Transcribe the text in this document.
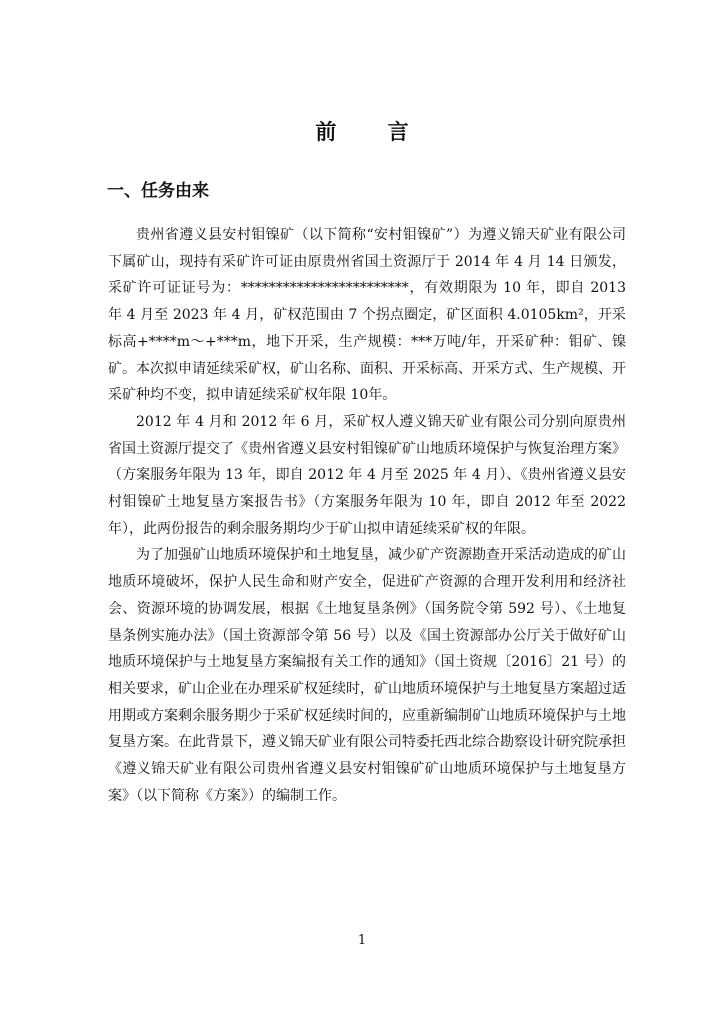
前 言
一、任务由来

贵州省遵义县安村钼镍矿（以下简称“安村钼镍矿”）为遵义锦天矿业有限公司下属矿山，现持有采矿许可证由原贵州省国土资源厅于 2014 年 4 月 14 日颁发，采矿许可证证号为：************************，有效期限为 10 年，即自 2013 年 4 月至 2023 年 4 月，矿权范围由 7 个拐点圈定，矿区面积 4.0105km²，开采标高+****m～+***m，地下开采，生产规模：***万吨/年，开采矿种：钼矿、镍矿。本次拟申请延续采矿权，矿山名称、面积、开采标高、开采方式、生产规模、开采矿种均不变，拟申请延续采矿权年限 10年。

2012 年 4 月和 2012 年 6 月，采矿权人遵义锦天矿业有限公司分别向原贵州省国土资源厅提交了《贵州省遵义县安村钼镍矿矿山地质环境保护与恢复治理方案》（方案服务年限为 13 年，即自 2012 年 4 月至 2025 年 4 月）、《贵州省遵义县安村钼镍矿土地复垦方案报告书》（方案服务年限为 10 年，即自 2012 年至 2022 年），此两份报告的剩余服务期均少于矿山拟申请延续采矿权的年限。

为了加强矿山地质环境保护和土地复垦，减少矿产资源勘查开采活动造成的矿山地质环境破坏，保护人民生命和财产安全，促进矿产资源的合理开发利用和经济社会、资源环境的协调发展，根据《土地复垦条例》（国务院令第 592 号）、《土地复垦条例实施办法》（国土资源部令第 56 号）以及《国土资源部办公厅关于做好矿山地质环境保护与土地复垦方案编报有关工作的通知》（国土资规〔2016〕21 号）的相关要求，矿山企业在办理采矿权延续时，矿山地质环境保护与土地复垦方案超过适用期或方案剩余服务期少于采矿权延续时间的，应重新编制矿山地质环境保护与土地复垦方案。在此背景下，遵义锦天矿业有限公司特委托西北综合勘察设计研究院承担《遵义锦天矿业有限公司贵州省遵义县安村钼镍矿矿山地质环境保护与土地复垦方案》（以下简称《方案》）的编制工作。

1
